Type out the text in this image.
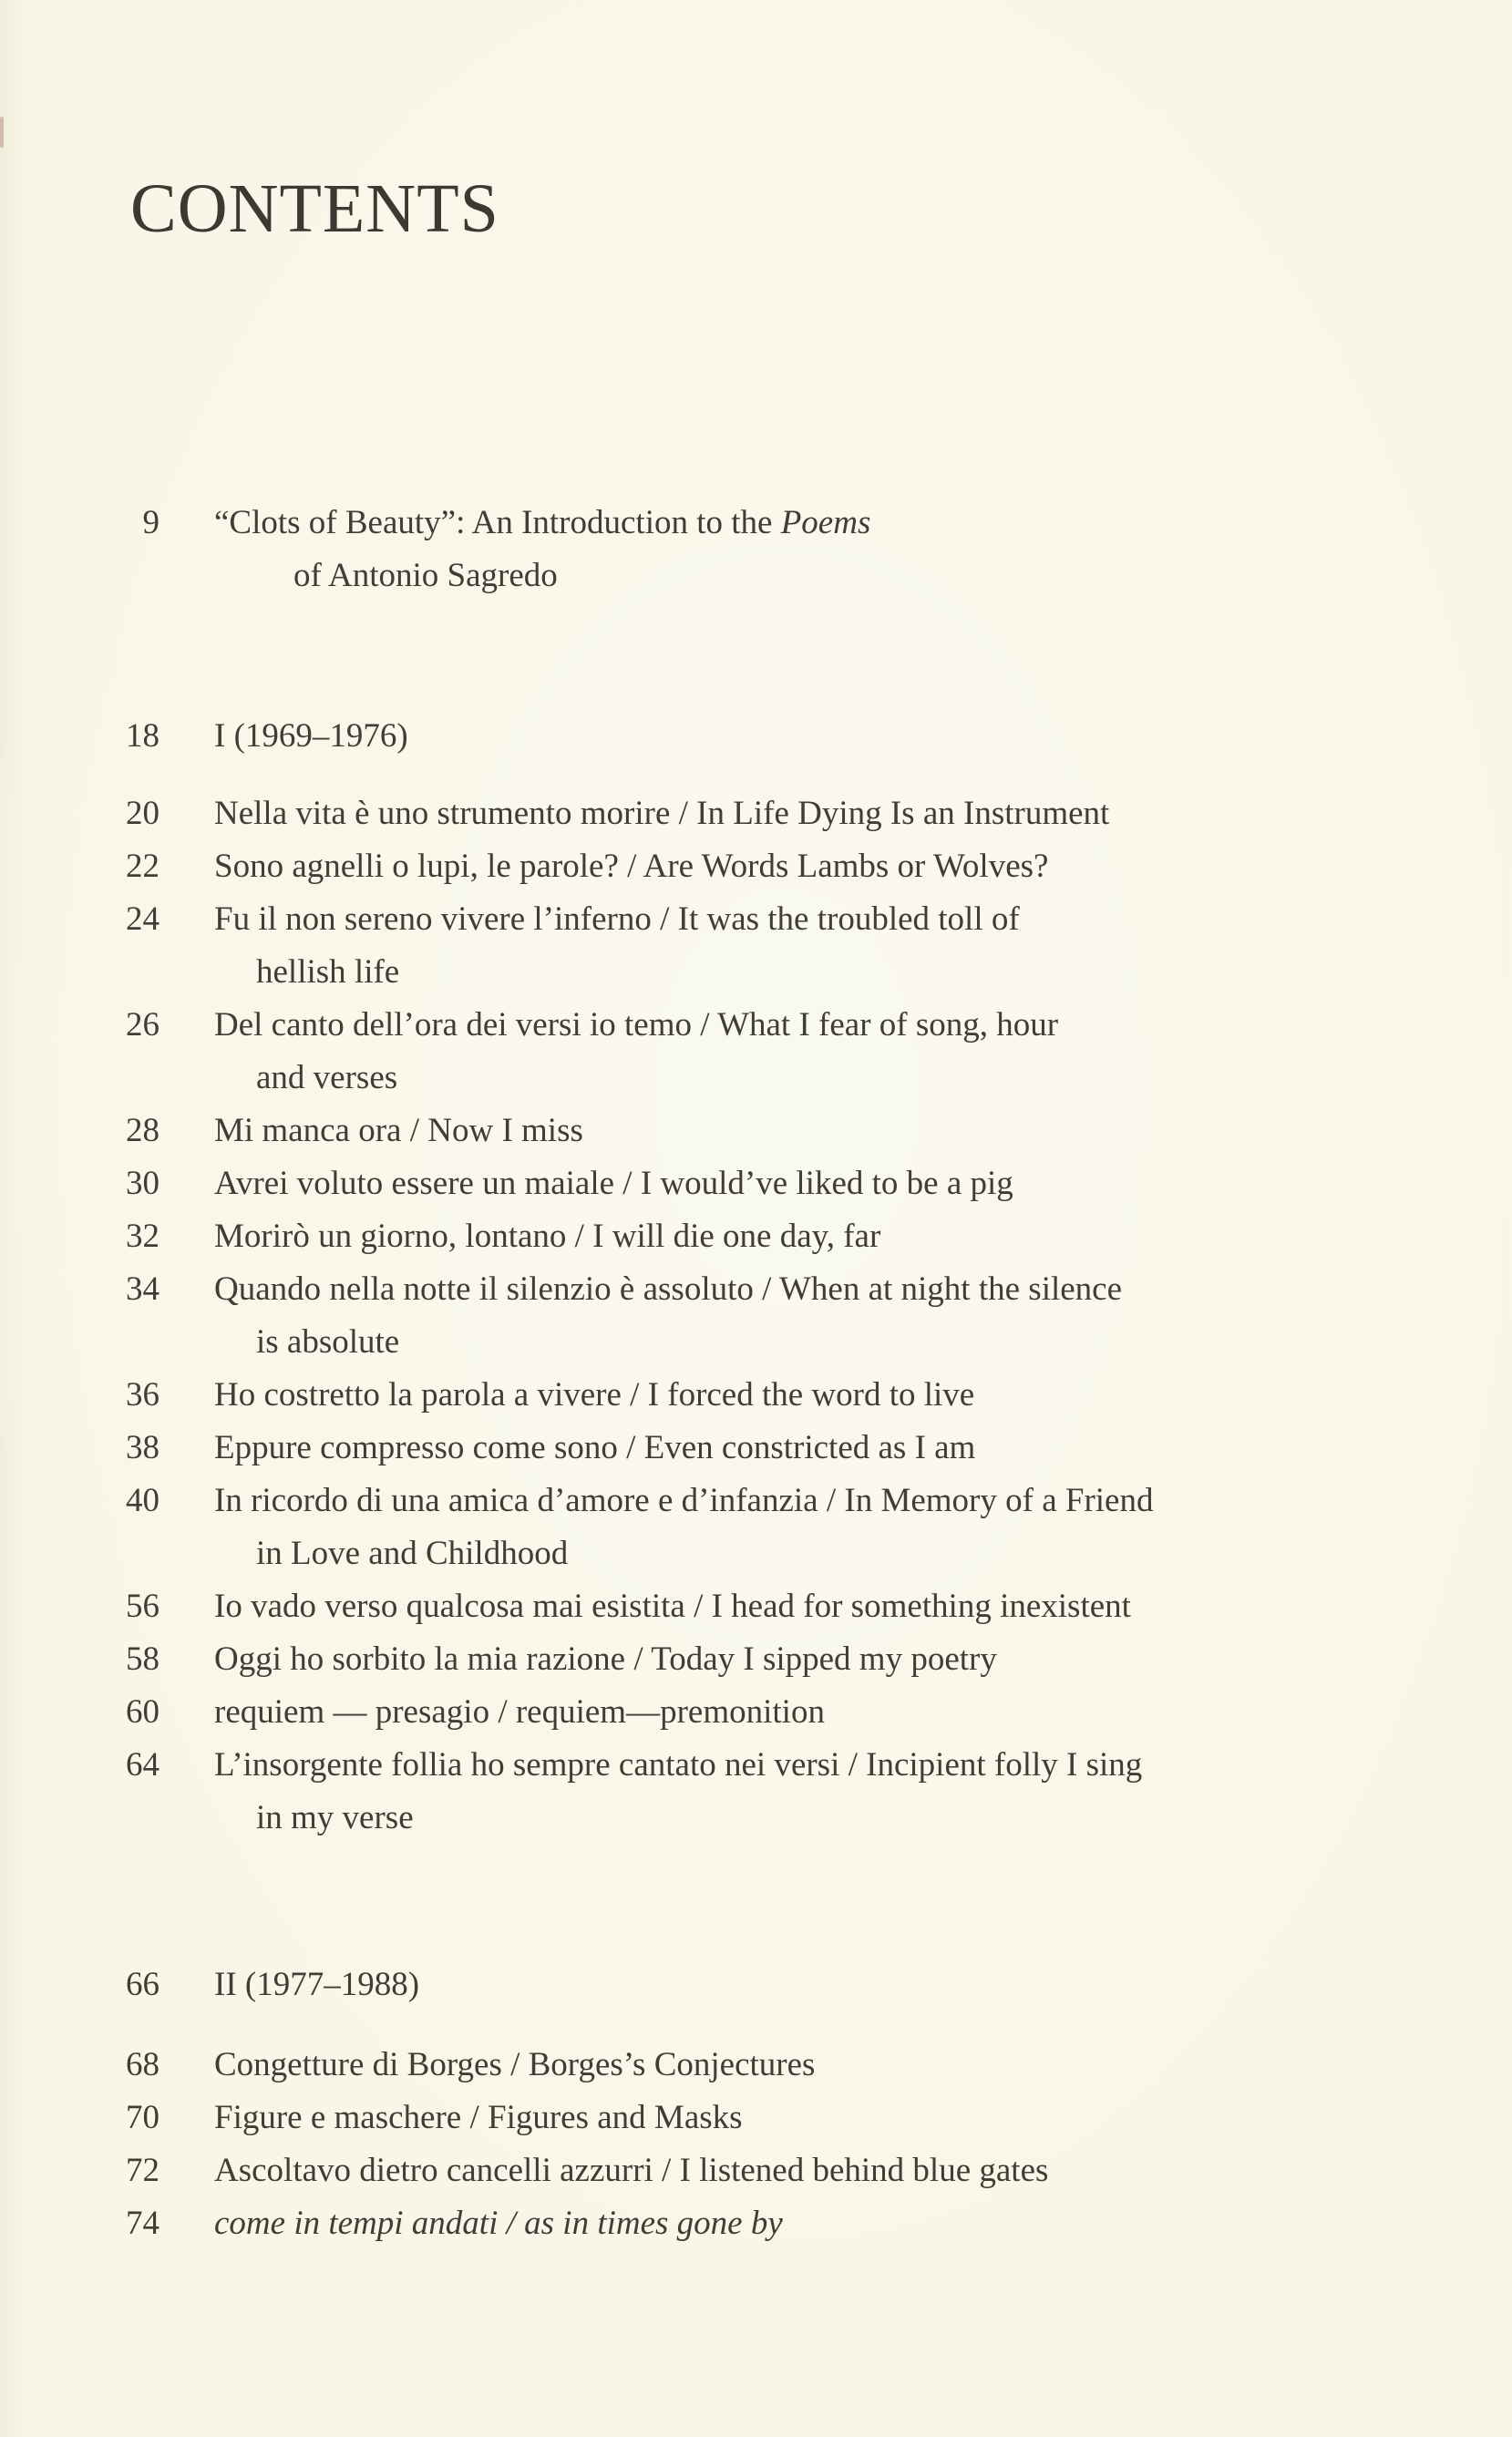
CONTENTS
9 “Clots of Beauty”: An Introduction to the Poems
of Antonio Sagredo
18 I (1969–1976)
20 Nella vita è uno strumento morire / In Life Dying Is an Instrument
22 Sono agnelli o lupi, le parole? / Are Words Lambs or Wolves?
24 Fu il non sereno vivere l’inferno / It was the troubled toll of
hellish life
26 Del canto dell’ora dei versi io temo / What I fear of song, hour
and verses
28 Mi manca ora / Now I miss
30 Avrei voluto essere un maiale / I would’ve liked to be a pig
32 Morirò un giorno, lontano / I will die one day, far
34 Quando nella notte il silenzio è assoluto / When at night the silence
is absolute
36 Ho costretto la parola a vivere / I forced the word to live
38 Eppure compresso come sono / Even constricted as I am
40 In ricordo di una amica d’amore e d’infanzia / In Memory of a Friend
in Love and Childhood
56 Io vado verso qualcosa mai esistita / I head for something inexistent
58 Oggi ho sorbito la mia razione / Today I sipped my poetry
60 requiem — presagio / requiem—premonition
64 L’insorgente follia ho sempre cantato nei versi / Incipient folly I sing
in my verse
66 II (1977–1988)
68 Congetture di Borges / Borges’s Conjectures
70 Figure e maschere / Figures and Masks
72 Ascoltavo dietro cancelli azzurri / I listened behind blue gates
74 come in tempi andati / as in times gone by
